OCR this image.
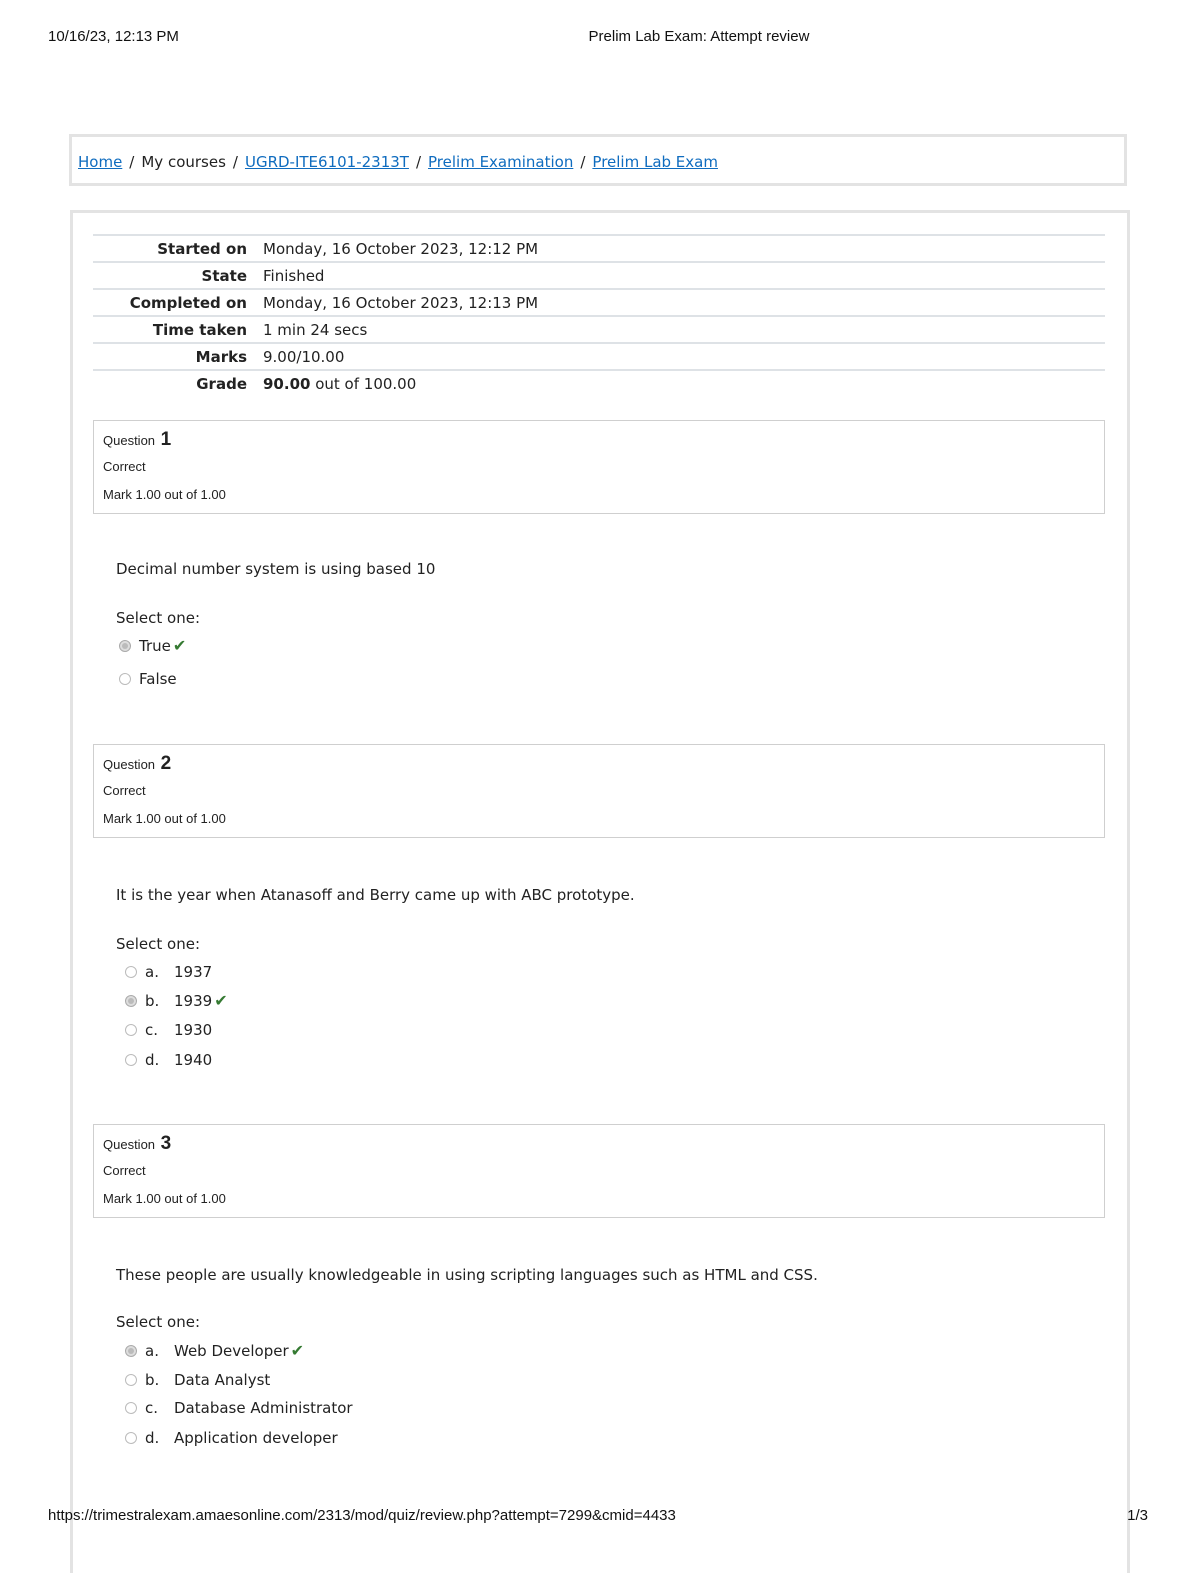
10/16/23, 12:13 PM	Prelim Lab Exam: Attempt review
Home / My courses / UGRD-ITE6101-2313T / Prelim Examination / Prelim Lab Exam
Started on	Monday, 16 October 2023, 12:12 PM
State	Finished
Completed on	Monday, 16 October 2023, 12:13 PM
Time taken	1 min 24 secs
Marks	9.00/10.00
Grade	90.00 out of 100.00
Question 1
Correct
Mark 1.00 out of 1.00
Decimal number system is using based 10
Select one:
True ✔
False
Question 2
Correct
Mark 1.00 out of 1.00
It is the year when Atanasoff and Berry came up with ABC prototype.
Select one:
a. 1937
b. 1939 ✔
c. 1930
d. 1940
Question 3
Correct
Mark 1.00 out of 1.00
These people are usually knowledgeable in using scripting languages such as HTML and CSS.
Select one:
a. Web Developer ✔
b. Data Analyst
c. Database Administrator
d. Application developer
https://trimestralexam.amaesonline.com/2313/mod/quiz/review.php?attempt=7299&cmid=4433	1/3
